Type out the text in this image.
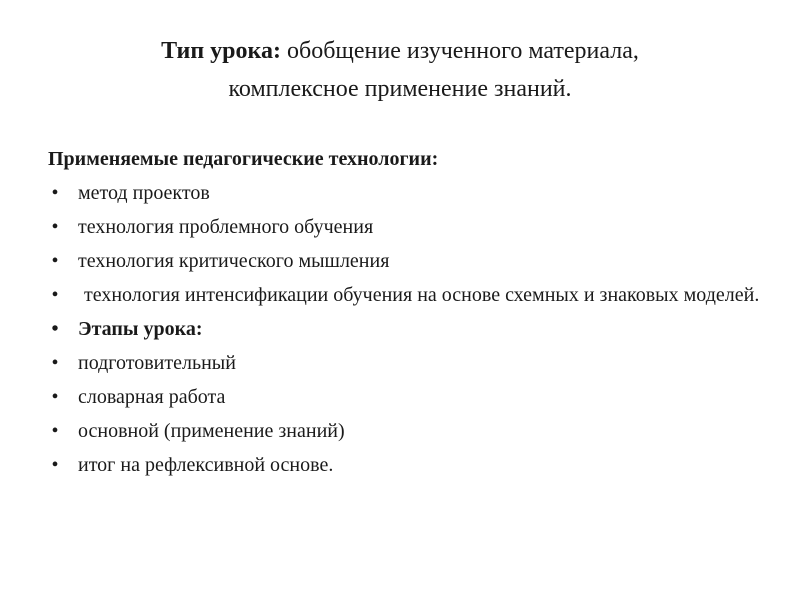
Тип урока: обобщение изученного материала,
комплексное применение знаний.
Применяемые педагогические технологии:
• метод проектов
• технология проблемного обучения
• технология критического мышления
• технология интенсификации обучения на основе схемных и знаковых моделей.
• Этапы урока:
• подготовительный
• словарная работа
• основной (применение знаний)
• итог на рефлексивной основе.
